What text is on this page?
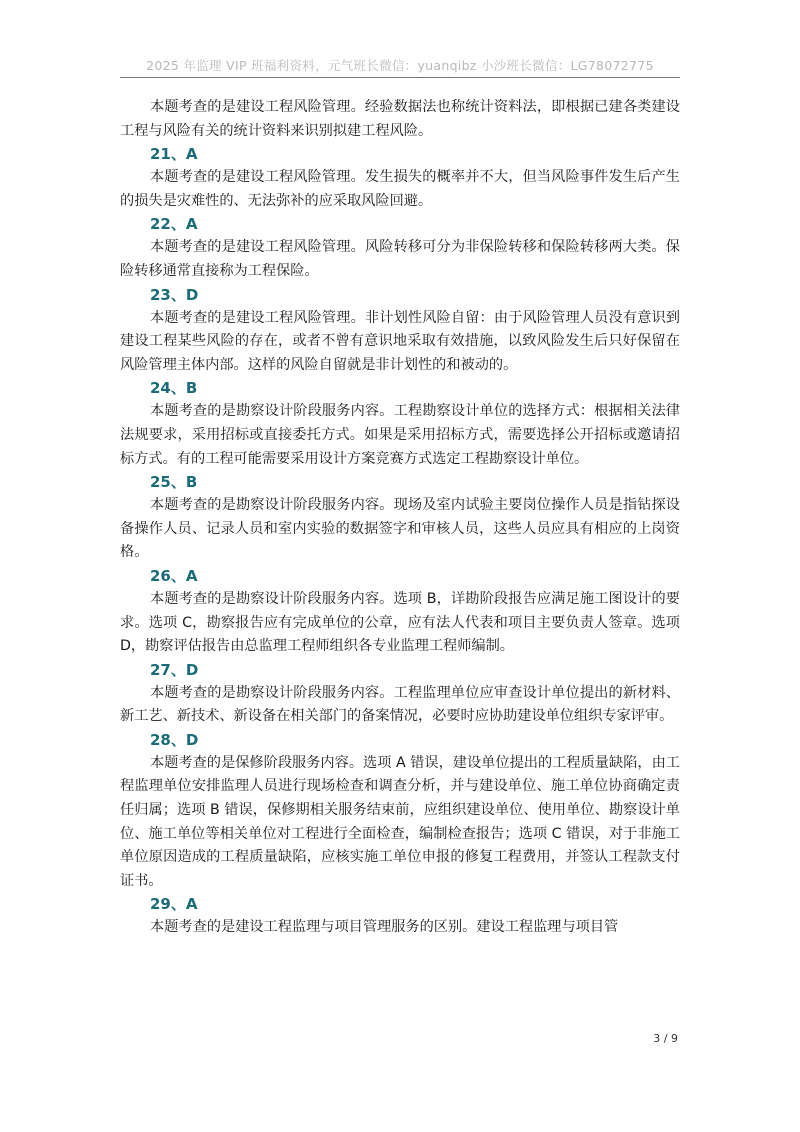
2025 年监理 VIP 班福利资料，元气班长微信：yuanqibz 小沙班长微信：LG78072775

本题考查的是建设工程风险管理。经验数据法也称统计资料法，即根据已建各类建设工程与风险有关的统计资料来识别拟建工程风险。

21、A

本题考查的是建设工程风险管理。发生损失的概率并不大，但当风险事件发生后产生的损失是灾难性的、无法弥补的应采取风险回避。

22、A

本题考查的是建设工程风险管理。风险转移可分为非保险转移和保险转移两大类。保险转移通常直接称为工程保险。

23、D

本题考查的是建设工程风险管理。非计划性风险自留：由于风险管理人员没有意识到建设工程某些风险的存在，或者不曾有意识地采取有效措施，以致风险发生后只好保留在风险管理主体内部。这样的风险自留就是非计划性的和被动的。

24、B

本题考查的是勘察设计阶段服务内容。工程勘察设计单位的选择方式：根据相关法律法规要求，采用招标或直接委托方式。如果是采用招标方式，需要选择公开招标或邀请招标方式。有的工程可能需要采用设计方案竞赛方式选定工程勘察设计单位。

25、B

本题考查的是勘察设计阶段服务内容。现场及室内试验主要岗位操作人员是指钻探设备操作人员、记录人员和室内实验的数据签字和审核人员，这些人员应具有相应的上岗资格。

26、A

本题考查的是勘察设计阶段服务内容。选项 B，详勘阶段报告应满足施工图设计的要求。选项 C，勘察报告应有完成单位的公章，应有法人代表和项目主要负责人签章。选项 D，勘察评估报告由总监理工程师组织各专业监理工程师编制。

27、D

本题考查的是勘察设计阶段服务内容。工程监理单位应审查设计单位提出的新材料、新工艺、新技术、新设备在相关部门的备案情况，必要时应协助建设单位组织专家评审。

28、D

本题考查的是保修阶段服务内容。选项 A 错误，建设单位提出的工程质量缺陷，由工程监理单位安排监理人员进行现场检查和调查分析，并与建设单位、施工单位协商确定责任归属；选项 B 错误，保修期相关服务结束前，应组织建设单位、使用单位、勘察设计单位、施工单位等相关单位对工程进行全面检查，编制检查报告；选项 C 错误，对于非施工单位原因造成的工程质量缺陷，应核实施工单位申报的修复工程费用，并签认工程款支付证书。

29、A

本题考查的是建设工程监理与项目管理服务的区别。建设工程监理与项目管

3 / 9
